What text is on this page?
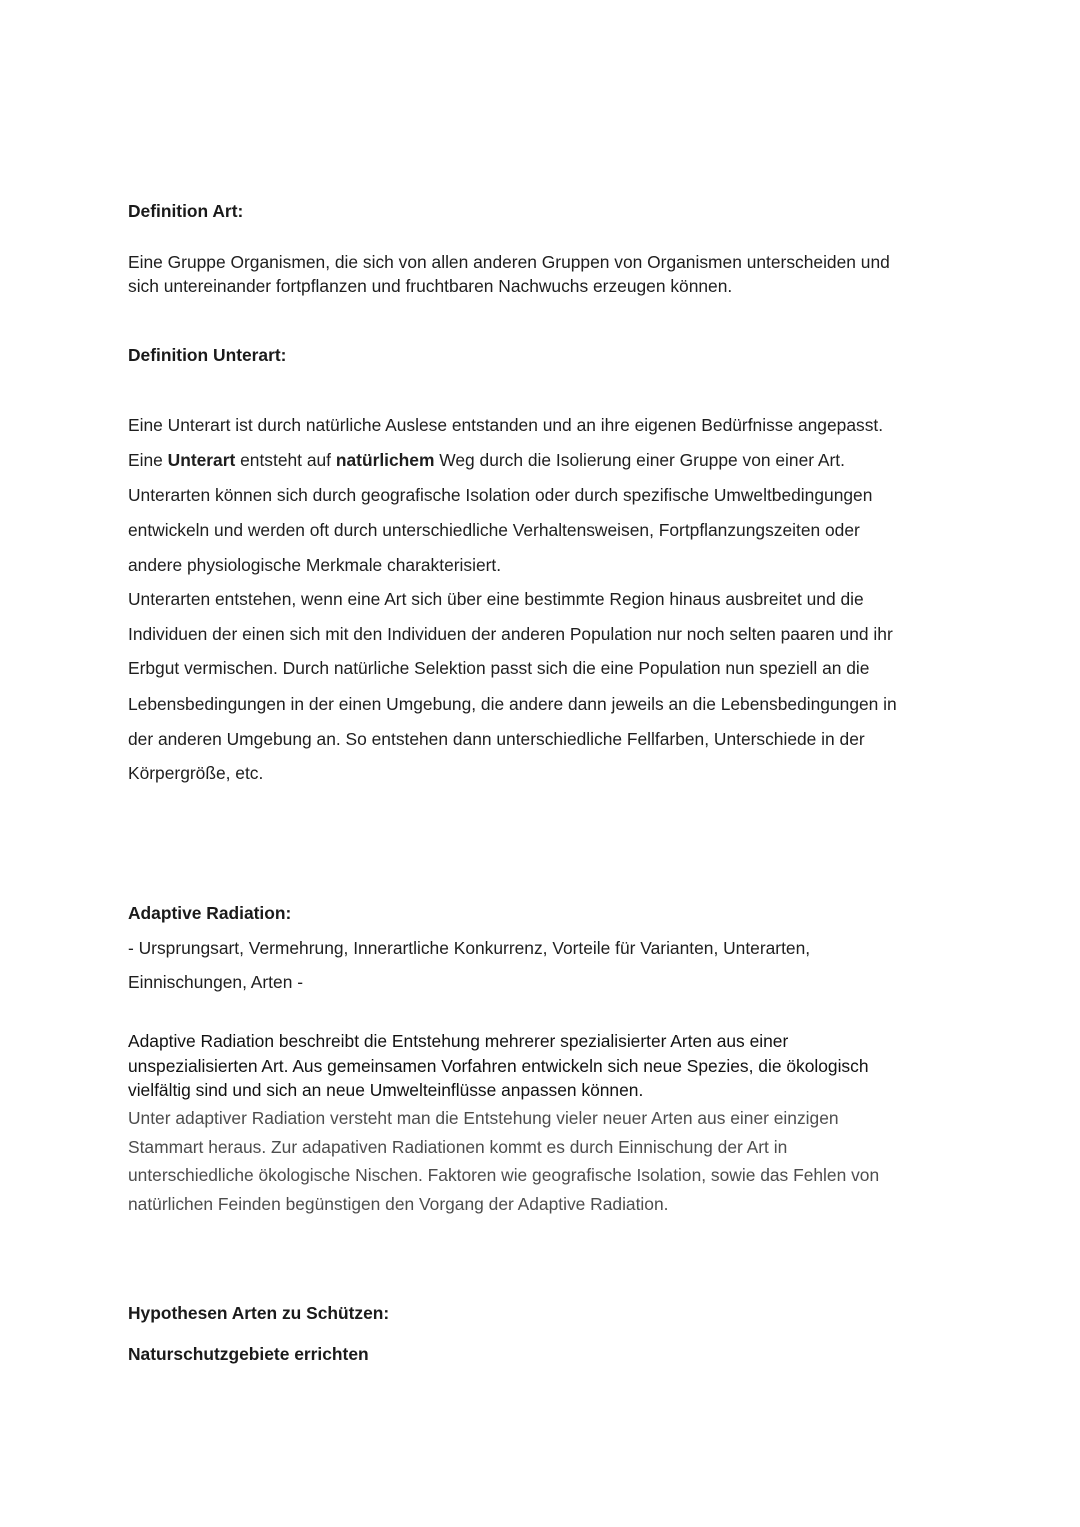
Definition Art:

Eine Gruppe Organismen, die sich von allen anderen Gruppen von Organismen unterscheiden und

sich untereinander fortpflanzen und fruchtbaren Nachwuchs erzeugen können.

Definition Unterart:

Eine Unterart ist durch natürliche Auslese entstanden und an ihre eigenen Bedürfnisse angepasst.

Eine Unterart entsteht auf natürlichem Weg durch die Isolierung einer Gruppe von einer Art.

Unterarten können sich durch geografische Isolation oder durch spezifische Umweltbedingungen

entwickeln und werden oft durch unterschiedliche Verhaltensweisen, Fortpflanzungszeiten oder

andere physiologische Merkmale charakterisiert.

Unterarten entstehen, wenn eine Art sich über eine bestimmte Region hinaus ausbreitet und die

Individuen der einen sich mit den Individuen der anderen Population nur noch selten paaren und ihr

Erbgut vermischen. Durch natürliche Selektion passt sich die eine Population nun speziell an die

Lebensbedingungen in der einen Umgebung, die andere dann jeweils an die Lebensbedingungen in

der anderen Umgebung an. So entstehen dann unterschiedliche Fellfarben, Unterschiede in der

Körpergröße, etc.

Adaptive Radiation:

- Ursprungsart, Vermehrung, Innerartliche Konkurrenz, Vorteile für Varianten, Unterarten,

Einnischungen, Arten -

Adaptive Radiation beschreibt die Entstehung mehrerer spezialisierter Arten aus einer

unspezialisierten Art. Aus gemeinsamen Vorfahren entwickeln sich neue Spezies, die ökologisch

vielfältig sind und sich an neue Umwelteinflüsse anpassen können.

Unter adaptiver Radiation versteht man die Entstehung vieler neuer Arten aus einer einzigen

Stammart heraus. Zur adapativen Radiationen kommt es durch Einnischung der Art in

unterschiedliche ökologische Nischen. Faktoren wie geografische Isolation, sowie das Fehlen von

natürlichen Feinden begünstigen den Vorgang der Adaptive Radiation.

Hypothesen Arten zu Schützen:

Naturschutzgebiete errichten
